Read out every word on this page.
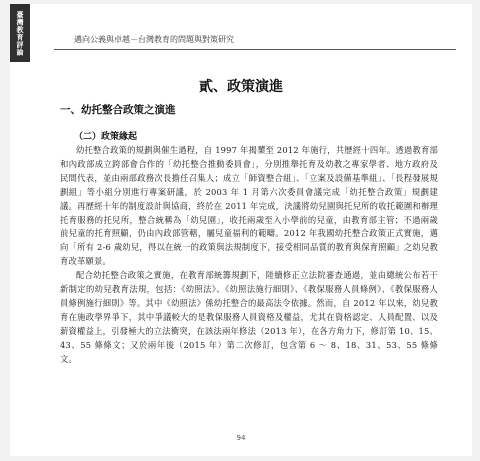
臺灣教育評論	邁向公義與卓越－台灣教育的問題與對策研究
貳、政策演進
一、幼托整合政策之演進
（二）政策緣起

幼托整合政策的規劃與催生過程，自 1997 年揭櫫至 2012 年施行，共歷經十四年。透過教育部和內政部成立跨部會合作的「幼托整合推動委員會」，分別推舉托育及幼教之專家學者、地方政府及民間代表，並由兩部政務次長擔任召集人；成立「師資整合組」、「立案及設備基準組」、「長程發展規劃組」等小組分別進行專案研議，於 2003 年 1 月第六次委員會議完成「幼托整合政策」規劃建議。再歷經十年的制度設計與協商，終於在 2011 年完成，決議將幼兒園與托兒所的收托範圍和辦理托育服務的托兒所，整合統稱為「幼兒園」，收托兩歲至入小學前的兒童，由教育部主管；不過兩歲前兒童的托育照顧，仍由內政部管轄，屬兒童福利的範疇。2012 年我國幼托整合政策正式實施，邁向「所有 2-6 歲幼兒，得以在統一的政策與法規制度下，接受相同品質的教育與保育照顧」之幼兒教育改革願景。

配合幼托整合政策之實施，在教育部統籌規劃下，陸續修正立法院審查通過，並由總統公布若干新制定的幼兒教育法規，包括：《幼照法》、《幼照法施行細則》、《教保服務人員條例》、《教保服務人員條例施行細則》等。其中《幼照法》係幼托整合的最高法令依據。然而，自 2012 年以來，幼兒教育在施政學界爭下，其中爭議較大的是教保服務人員資格及權益，尤其在資格認定、人員配置、以及薪資權益上，引發極大的立法衝突，在該法兩年修法（2013 年），在各方角力下，修訂第 10、15、43、55 條條文；又於兩年後（2015 年）第二次修訂，包含第 6 ～ 8、18、31、53、55 條條文。

94
